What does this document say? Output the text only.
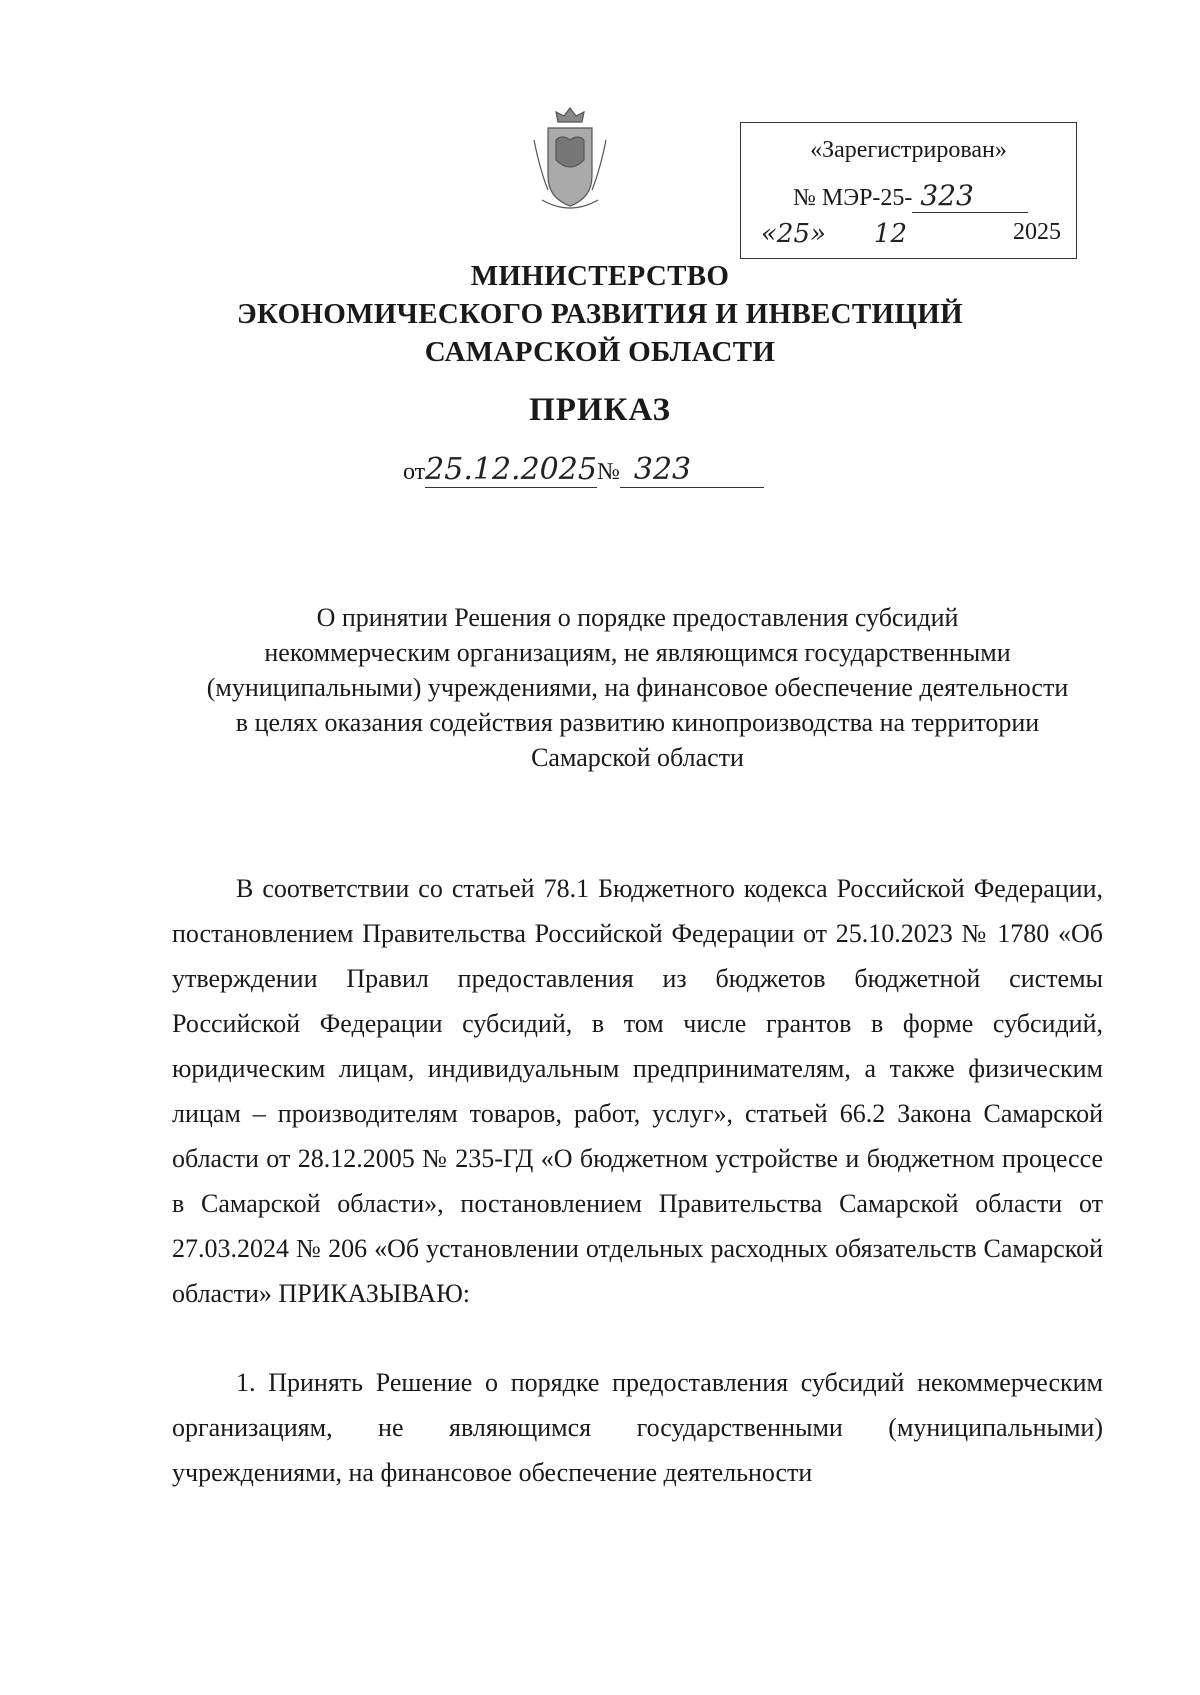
«Зарегистрирован»
№ МЭР-25- 323
«25» 12	2025
МИНИСТЕРСТВО
ЭКОНОМИЧЕСКОГО РАЗВИТИЯ И ИНВЕСТИЦИЙ
САМАРСКОЙ ОБЛАСТИ
ПРИКАЗ
от25.12.2025№ 323
О принятии Решения о порядке предоставления субсидий
некоммерческим организациям, не являющимся государственными
(муниципальными) учреждениями, на финансовое обеспечение деятельности
в целях оказания содействия развитию кинопроизводства на территории
Самарской области
В соответствии со статьей 78.1 Бюджетного кодекса Российской Федерации, постановлением Правительства Российской Федерации от 25.10.2023 № 1780 «Об утверждении Правил предоставления из бюджетов бюджетной системы Российской Федерации субсидий, в том числе грантов в форме субсидий, юридическим лицам, индивидуальным предпринимателям, а также физическим лицам – производителям товаров, работ, услуг», статьей 66.2 Закона Самарской области от 28.12.2005 № 235-ГД «О бюджетном устройстве и бюджетном процессе в Самарской области», постановлением Правительства Самарской области от 27.03.2024 № 206 «Об установлении отдельных расходных обязательств Самарской области» ПРИКАЗЫВАЮ:
1. Принять Решение о порядке предоставления субсидий некоммерческим организациям, не являющимся государственными (муниципальными) учреждениями, на финансовое обеспечение деятельности
